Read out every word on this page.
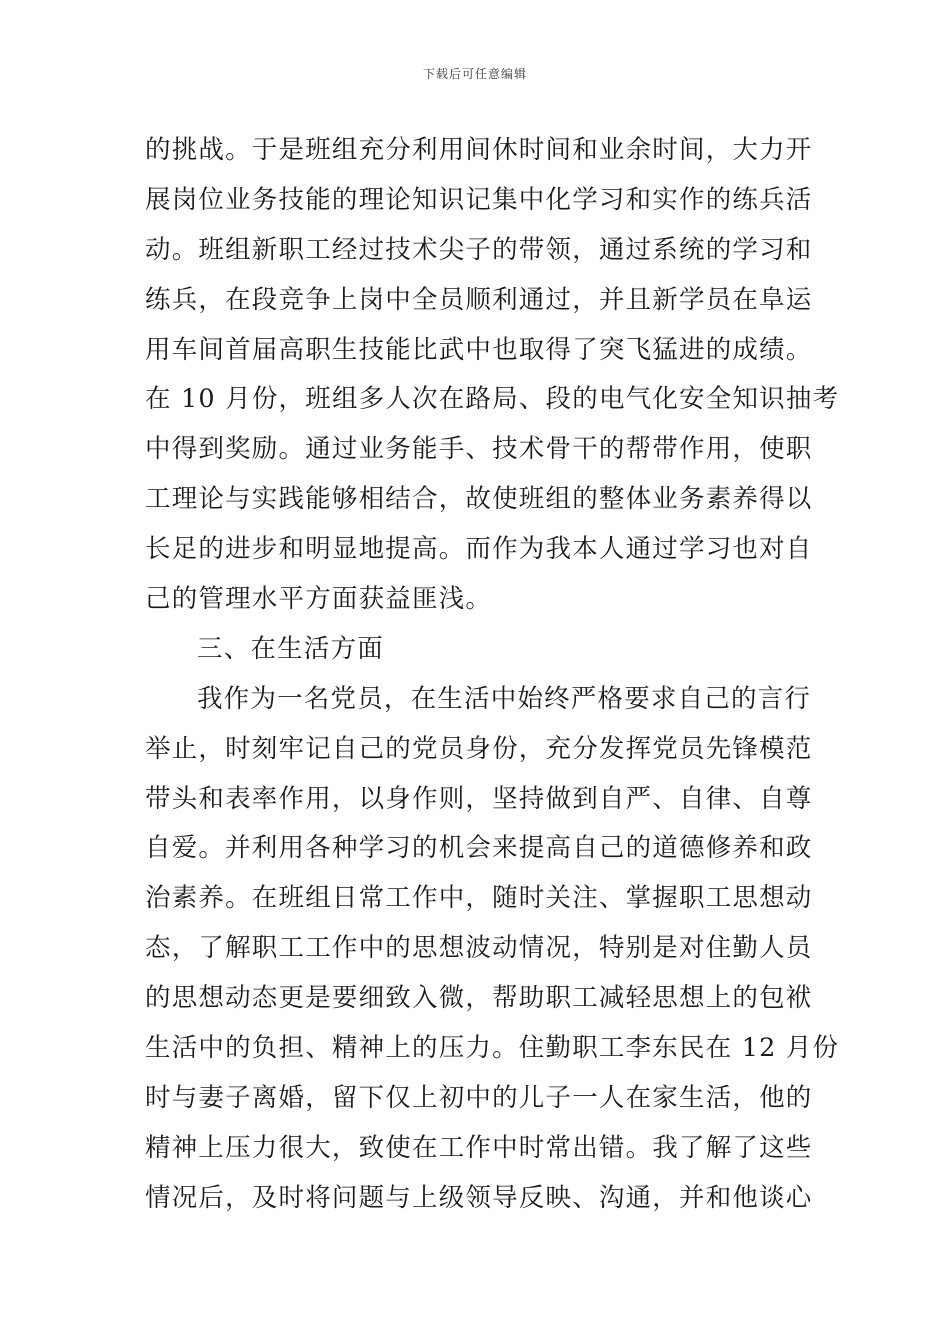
下载后可任意编辑
的挑战。于是班组充分利用间休时间和业余时间，大力开
展岗位业务技能的理论知识记集中化学习和实作的练兵活
动。班组新职工经过技术尖子的带领，通过系统的学习和
练兵，在段竞争上岗中全员顺利通过，并且新学员在阜运
用车间首届高职生技能比武中也取得了突飞猛进的成绩。
在 10 月份，班组多人次在路局、段的电气化安全知识抽考
中得到奖励。通过业务能手、技术骨干的帮带作用，使职
工理论与实践能够相结合，故使班组的整体业务素养得以
长足的进步和明显地提高。而作为我本人通过学习也对自
己的管理水平方面获益匪浅。
三、在生活方面
我作为一名党员，在生活中始终严格要求自己的言行
举止，时刻牢记自己的党员身份，充分发挥党员先锋模范
带头和表率作用，以身作则，坚持做到自严、自律、自尊
自爱。并利用各种学习的机会来提高自己的道德修养和政
治素养。在班组日常工作中，随时关注、掌握职工思想动
态，了解职工工作中的思想波动情况，特别是对住勤人员
的思想动态更是要细致入微，帮助职工减轻思想上的包袱
生活中的负担、精神上的压力。住勤职工李东民在 12 月份
时与妻子离婚，留下仅上初中的儿子一人在家生活，他的
精神上压力很大，致使在工作中时常出错。我了解了这些
情况后，及时将问题与上级领导反映、沟通，并和他谈心
